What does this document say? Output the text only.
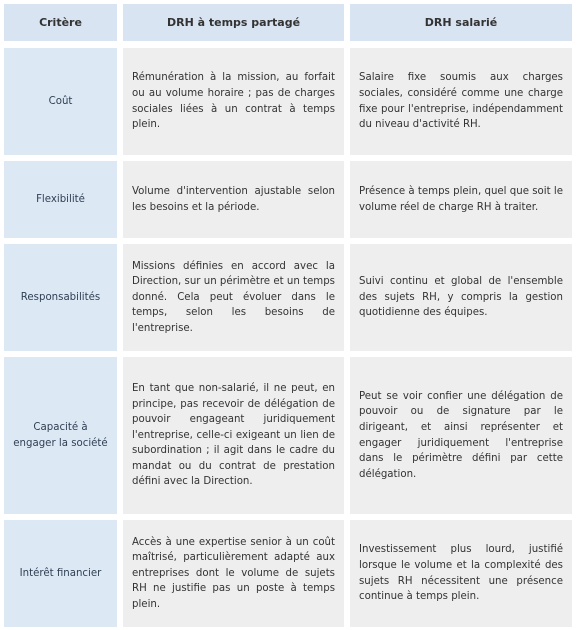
Critère	DRH à temps partagé	DRH salarié
Coût
Rémunération à la mission, au forfait ou au volume horaire ; pas de charges sociales liées à un contrat à temps plein.
Salaire fixe soumis aux charges sociales, considéré comme une charge fixe pour l'entreprise, indépendamment du niveau d'activité RH.
Flexibilité
Volume d'intervention ajustable selon les besoins et la période.
Présence à temps plein, quel que soit le volume réel de charge RH à traiter.
Responsabilités
Missions définies en accord avec la Direction, sur un périmètre et un temps donné. Cela peut évoluer dans le temps, selon les besoins de l'entreprise.
Suivi continu et global de l'ensemble des sujets RH, y compris la gestion quotidienne des équipes.
Capacité à engager la société
En tant que non-salarié, il ne peut, en principe, pas recevoir de délégation de pouvoir engageant juridiquement l'entreprise, celle-ci exigeant un lien de subordination ; il agit dans le cadre du mandat ou du contrat de prestation défini avec la Direction.
Peut se voir confier une délégation de pouvoir ou de signature par le dirigeant, et ainsi représenter et engager juridiquement l'entreprise dans le périmètre défini par cette délégation.
Intérêt financier
Accès à une expertise senior à un coût maîtrisé, particulièrement adapté aux entreprises dont le volume de sujets RH ne justifie pas un poste à temps plein.
Investissement plus lourd, justifié lorsque le volume et la complexité des sujets RH nécessitent une présence continue à temps plein.
